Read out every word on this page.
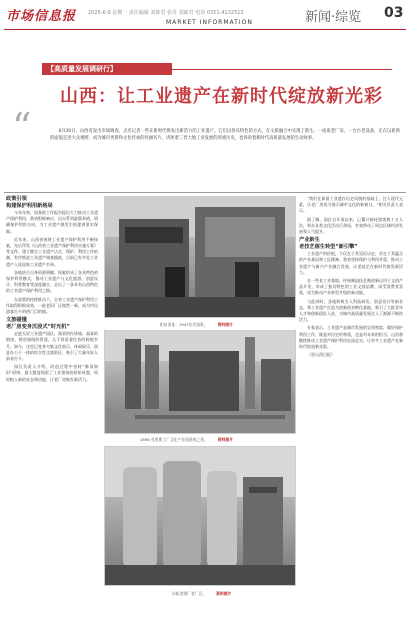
市场信息报 2025-6-9 星期一 责任编辑 刘郎君 张丹 刘郎君 电话 0351-4132512
MARKET INFORMATION	新闻·综览 03
【高质量发展调研行】
山西：让工业遗产在新时代绽放新光彩
“	6月30日，山西省发出市场调查，点名记者一些在新时代焕发出新活力的工业遗产。它们以各具特色的方式，在文旅融合中实现了新生。一座座老厂房、一台台老设备，正在以崭新的面貌走进大众视野，成为城市更新和文化传承的亮丽名片，讲述着三晋大地工业发展的厚重历史，也诉说着新时代高质量发展的生动故事。

政策引领
构建保护利用新格局

今年年初，国务院工作报告提出大力推动工业遗产保护利用，我省积极响应，出台系列政策举措，明确保护利用方向，为工业遗产焕发生机提供坚实保障。

近年来，山西省围绕工业遗产保护利用不断探索，先后印发《山西省工业遗产保护利用实施方案》等文件，建立健全工业遗产认定、保护、利用工作机制，有序推进工业遗产调查摸底，目前已有多处工业遗产入选国家工业遗产名单。

各地结合自身资源禀赋，探索形成了各具特色的保护利用模式，推动工业遗产与文化旅游、创意设计、科普教育等深度融合，走出了一条具有山西特色的工业遗产保护利用之路。

在政策的持续推动下，全省工业遗产保护利用工作取得积极成效，一批老旧厂区焕然一新，成为市民游客打卡的热门目的地。

文旅碰撞
老厂房变身沉浸式“时光机”

走进太原工业遗产园区，斑驳的红砖墙、高耸的烟囱、锈迹斑斑的管道，无不诉说着往昔的辉煌岁月。如今，这里已变身为集文化展示、休闲娱乐、创意办公于一体的综合性文旅街区，吸引了大量年轻人前来打卡。

园区负责人介绍，改造过程中坚持“修旧如旧”原则，最大限度保留了工业建筑的原始风貌，同时植入新的业态和功能，让老厂房焕发新活力。

“我们在保留工业遗存历史风貌的基础上，注入现代元素，让老厂房成为展示城市文化的新窗口。”相关负责人表示。

据了解，园区自开放以来，已累计接待游客数十万人次，举办各类文化活动百余场，有效带动了周边区域经济发展和人气提升。

产业新生
老技艺催生转型“新引擎”

工业遗产的价值，不仅在于其见证历史，更在于其蕴含的产业基因和工匠精神。我省坚持保护与利用并重，推动工业遗产与新兴产业融合发展，让老技艺在新时代焕发新活力。

在一些老工业基地，传统制造技艺被创新运用于文创产品开发，形成了独具特色的工业文创品牌，深受消费者喜爱，成为推动产业转型升级的新动能。

与此同时，各地积极引入科技研发、创意设计等新业态，将工业遗产打造为创新创业孵化基地，吸引了大批青年人才和创新团队入驻，为城市高质量发展注入了源源不断的活力。

专家表示，工业遗产是城市发展的宝贵财富，做好保护利用工作，既是对历史的尊重，也是对未来的担当。山西将继续推动工业遗产保护利用走深走实，让更多工业遗产在新时代绽放新光彩。

（晋山西日报）

阳泉旧址：1947年代场景。	资料图片
1898 克里斯工厂文化产业园景观之景。	资料图片
汾阳老酒厂老厂区。	资料图片
